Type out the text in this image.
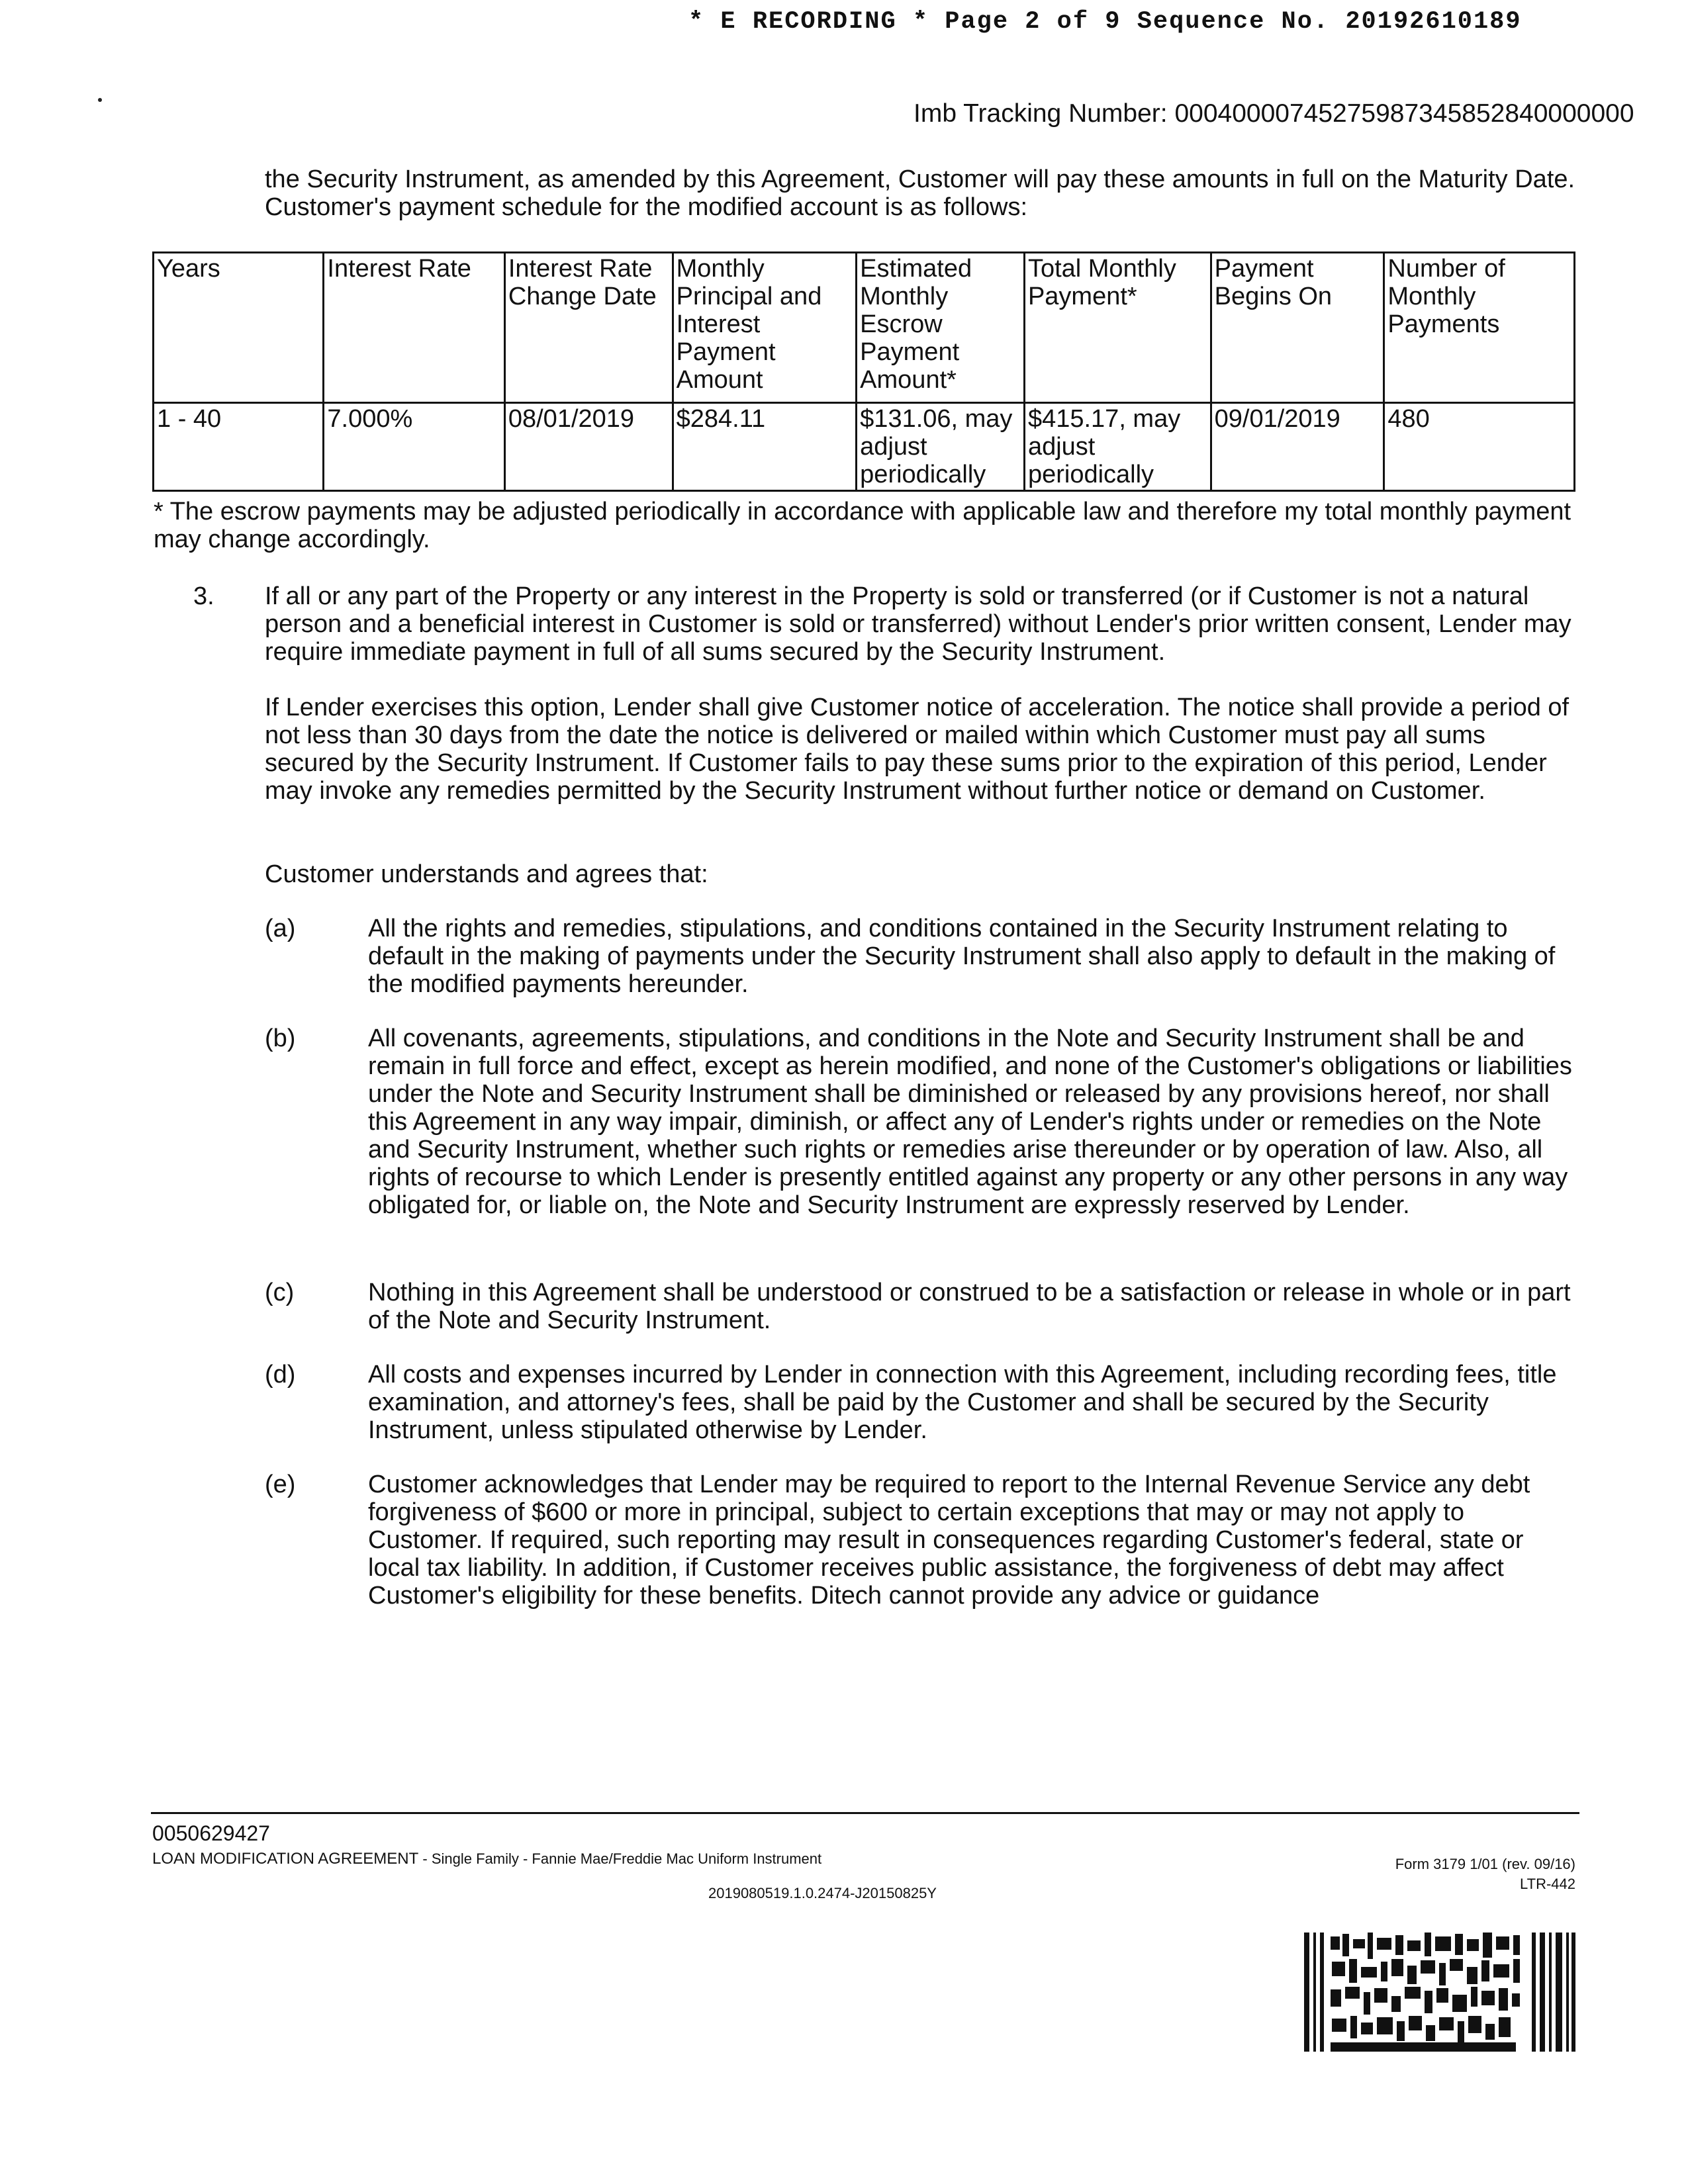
* E RECORDING * Page 2 of 9 Sequence No. 20192610189
Imb Tracking Number: 00040000745275987345852840000000
the Security Instrument, as amended by this Agreement, Customer will pay these amounts in full on the Maturity Date. Customer's payment schedule for the modified account is as follows:
Years	Interest Rate	Interest Rate Change Date	Monthly Principal and Interest Payment Amount	Estimated Monthly Escrow Payment Amount*	Total Monthly Payment*	Payment Begins On	Number of Monthly Payments
1 - 40	7.000%	08/01/2019	$284.11	$131.06, may adjust periodically	$415.17, may adjust periodically	09/01/2019	480
* The escrow payments may be adjusted periodically in accordance with applicable law and therefore my total monthly payment may change accordingly.
3. If all or any part of the Property or any interest in the Property is sold or transferred (or if Customer is not a natural person and a beneficial interest in Customer is sold or transferred) without Lender's prior written consent, Lender may require immediate payment in full of all sums secured by the Security Instrument.
If Lender exercises this option, Lender shall give Customer notice of acceleration. The notice shall provide a period of not less than 30 days from the date the notice is delivered or mailed within which Customer must pay all sums secured by the Security Instrument. If Customer fails to pay these sums prior to the expiration of this period, Lender may invoke any remedies permitted by the Security Instrument without further notice or demand on Customer.
Customer understands and agrees that:
(a)	All the rights and remedies, stipulations, and conditions contained in the Security Instrument relating to default in the making of payments under the Security Instrument shall also apply to default in the making of the modified payments hereunder.
(b)	All covenants, agreements, stipulations, and conditions in the Note and Security Instrument shall be and remain in full force and effect, except as herein modified, and none of the Customer's obligations or liabilities under the Note and Security Instrument shall be diminished or released by any provisions hereof, nor shall this Agreement in any way impair, diminish, or affect any of Lender's rights under or remedies on the Note and Security Instrument, whether such rights or remedies arise thereunder or by operation of law. Also, all rights of recourse to which Lender is presently entitled against any property or any other persons in any way obligated for, or liable on, the Note and Security Instrument are expressly reserved by Lender.
(c)	Nothing in this Agreement shall be understood or construed to be a satisfaction or release in whole or in part of the Note and Security Instrument.
(d)	All costs and expenses incurred by Lender in connection with this Agreement, including recording fees, title examination, and attorney's fees, shall be paid by the Customer and shall be secured by the Security Instrument, unless stipulated otherwise by Lender.
(e)	Customer acknowledges that Lender may be required to report to the Internal Revenue Service any debt forgiveness of $600 or more in principal, subject to certain exceptions that may or may not apply to Customer. If required, such reporting may result in consequences regarding Customer's federal, state or local tax liability. In addition, if Customer receives public assistance, the forgiveness of debt may affect Customer's eligibility for these benefits. Ditech cannot provide any advice or guidance
0050629427
LOAN MODIFICATION AGREEMENT - Single Family - Fannie Mae/Freddie Mac Uniform Instrument	Form 3179 1/01 (rev. 09/16)
LTR-442
2019080519.1.0.2474-J20150825Y
